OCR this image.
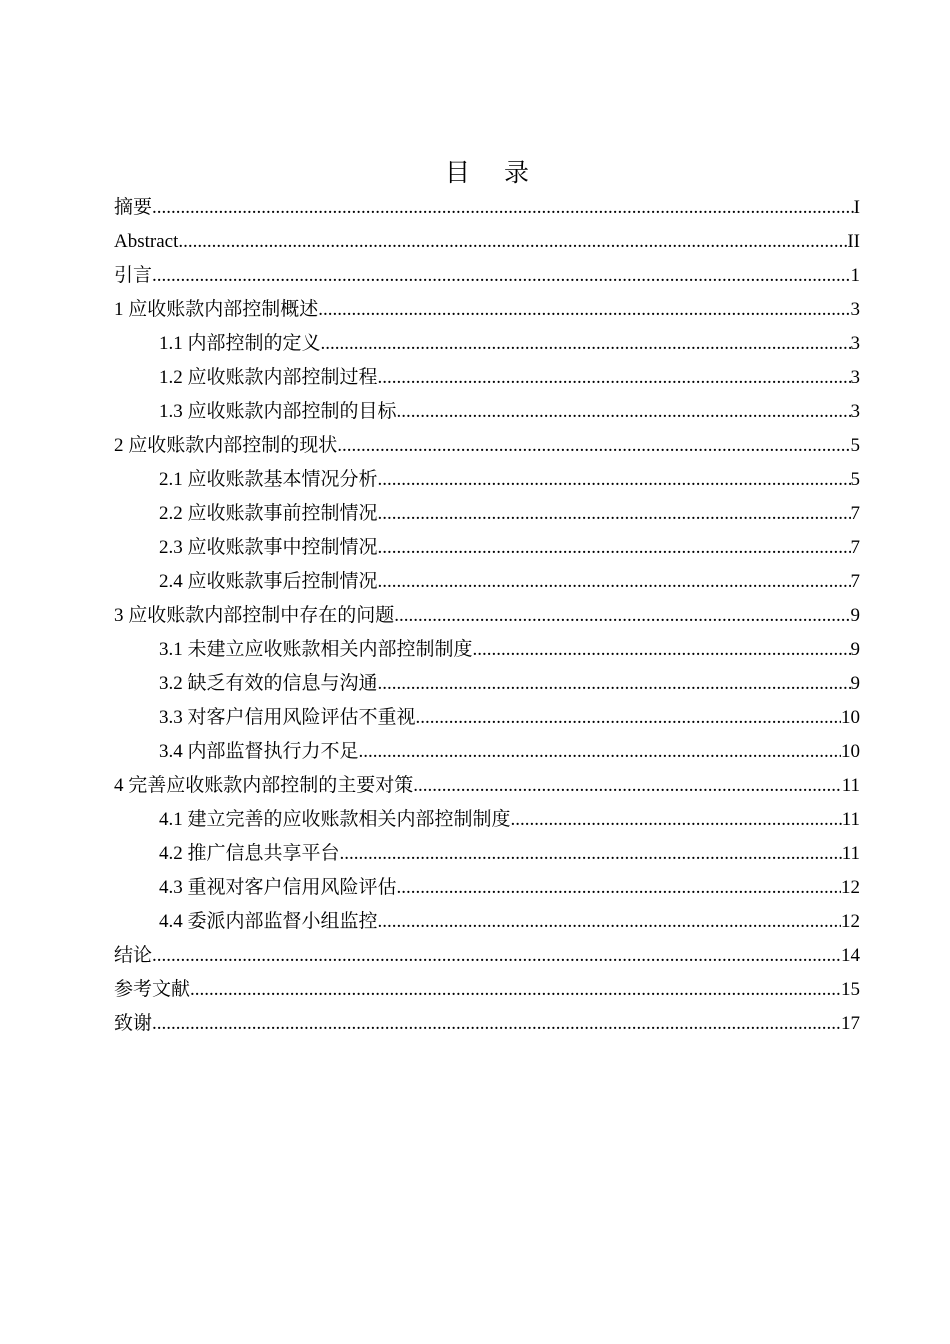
目 录
摘要 .....	I
Abstract .....	II
引言 .....	1
1 应收账款内部控制概述 .....	3
1.1 内部控制的定义 .....	3
1.2 应收账款内部控制过程 .....	3
1.3 应收账款内部控制的目标 .....	3
2 应收账款内部控制的现状 .....	5
2.1 应收账款基本情况分析 .....	5
2.2 应收账款事前控制情况 .....	7
2.3 应收账款事中控制情况 .....	7
2.4 应收账款事后控制情况 .....	7
3 应收账款内部控制中存在的问题 .....	9
3.1 未建立应收账款相关内部控制制度 .....	9
3.2 缺乏有效的信息与沟通 .....	9
3.3 对客户信用风险评估不重视 .....	10
3.4 内部监督执行力不足 .....	10
4 完善应收账款内部控制的主要对策 .....	11
4.1 建立完善的应收账款相关内部控制制度 .....	11
4.2 推广信息共享平台 .....	11
4.3 重视对客户信用风险评估 .....	12
4.4 委派内部监督小组监控 .....	12
结论 .....	14
参考文献 .....	15
致谢 .....	17
